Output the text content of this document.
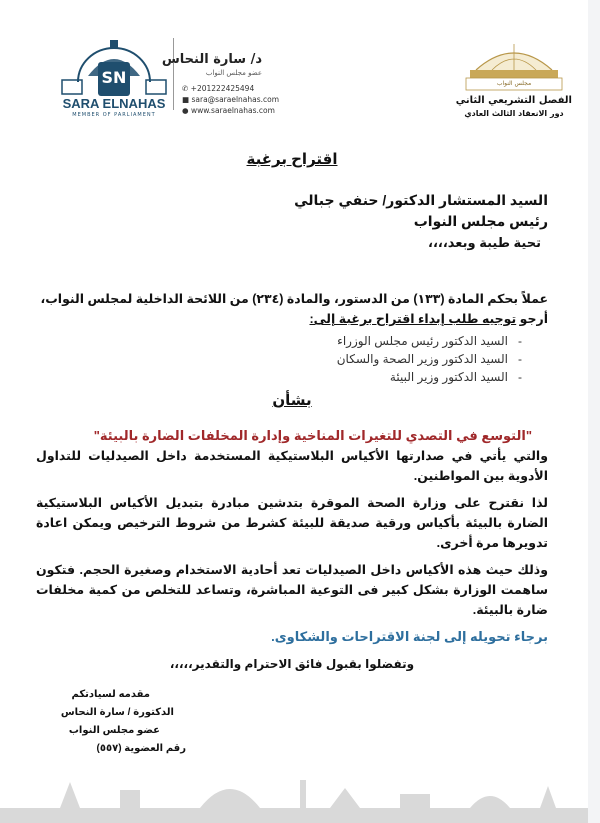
SN
SARA ELNAHAS
MEMBER OF PARLIAMENT
د/ سارة النحاس
عضو مجلس النواب
✆ +201222425494
■ sara@saraelnahas.com
● www.saraelnahas.com
مجلس النواب
الفصل التشريعي الثاني
دور الانعقاد الثالث العادي
اقتراح برغبة
السيد المستشار الدكتور/ حنفي جبالي
رئيس مجلس النواب
تحية طيبة وبعد،،،،
عملاً بحكم المادة (١٣٣) من الدستور، والمادة (٢٣٤) من اللائحة الداخلية لمجلس النواب،
أرجو توجيه طلب إبداء اقتراح برغبة إلى:
-   السيد الدكتور رئيس مجلس الوزراء
-   السيد الدكتور وزير الصحة والسكان
-   السيد الدكتور وزير البيئة
بشأن
"التوسع في التصدي للتغيرات المناخية وإدارة المخلفات الضارة بالبيئة"
والتي يأتي في صدارتها الأكياس البلاستيكية المستخدمة داخل الصيدليات للتداول الأدوية بين المواطنين.
لذا نقترح على وزارة الصحة الموقرة بتدشين مبادرة بتبديل الأكياس البلاستيكية الضارة بالبيئة بأكياس ورقية صديقة للبيئة كشرط من شروط الترخيص ويمكن اعادة تدويرها مرة أخرى.
وذلك حيث هذه الأكياس داخل الصيدليات تعد أحادية الاستخدام وصغيرة الحجم. فتكون ساهمت الوزارة بشكل كبير فى التوعية المباشرة، وتساعد للتخلص من كمية مخلفات ضارة بالبيئة.
برجاء تحويله إلى لجنة الاقتراحات والشكاوى.
وتفضلوا بقبول فائق الاحترام والتقدير،،،،،
مقدمه لسيادتكم
الدكتورة / سارة النحاس
عضو مجلس النواب
رقم العضوية (٥٥٧)
